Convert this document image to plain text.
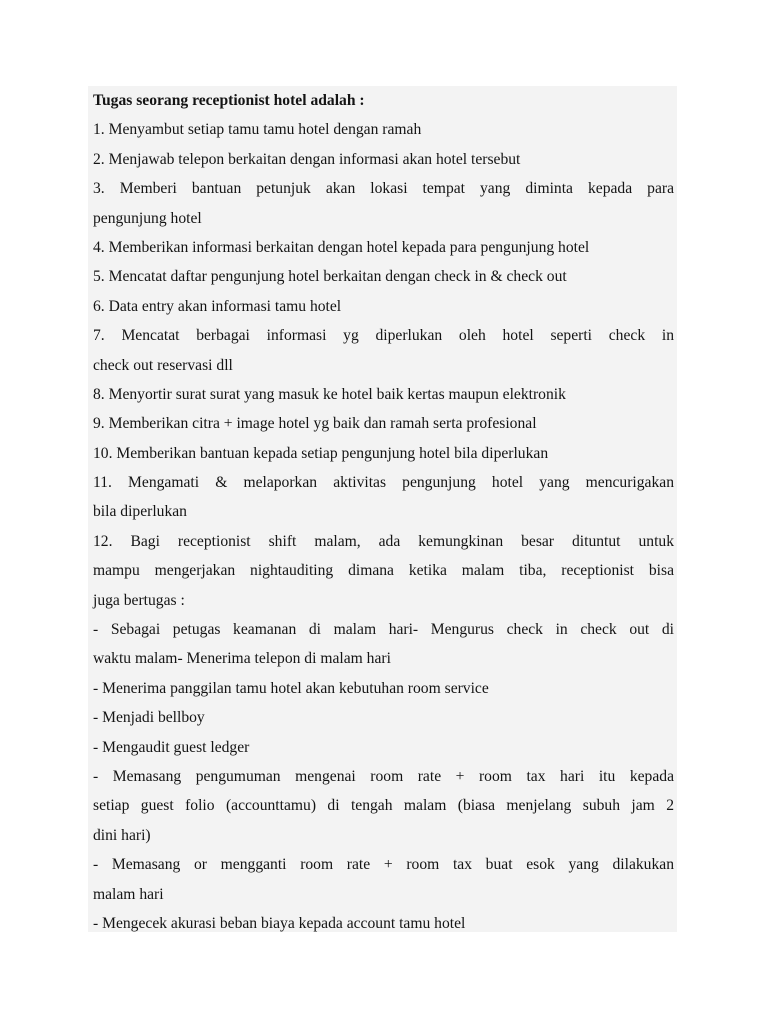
Tugas seorang receptionist hotel adalah :
1. Menyambut setiap tamu tamu hotel dengan ramah
2. Menjawab telepon berkaitan dengan informasi akan hotel tersebut
3. Memberi bantuan petunjuk akan lokasi tempat yang diminta kepada para
pengunjung hotel
4. Memberikan informasi berkaitan dengan hotel kepada para pengunjung hotel
5. Mencatat daftar pengunjung hotel berkaitan dengan check in & check out
6. Data entry akan informasi tamu hotel
7. Mencatat berbagai informasi yg diperlukan oleh hotel seperti check in
check out reservasi dll
8. Menyortir surat surat yang masuk ke hotel baik kertas maupun elektronik
9. Memberikan citra + image hotel yg baik dan ramah serta profesional
10. Memberikan bantuan kepada setiap pengunjung hotel bila diperlukan
11. Mengamati & melaporkan aktivitas pengunjung hotel yang mencurigakan
bila diperlukan
12. Bagi receptionist shift malam, ada kemungkinan besar dituntut untuk
mampu mengerjakan nightauditing dimana ketika malam tiba, receptionist bisa
juga bertugas :
- Sebagai petugas keamanan di malam hari- Mengurus check in check out di
waktu malam- Menerima telepon di malam hari
- Menerima panggilan tamu hotel akan kebutuhan room service
- Menjadi bellboy
- Mengaudit guest ledger
- Memasang pengumuman mengenai room rate + room tax hari itu kepada
setiap guest folio (accounttamu) di tengah malam (biasa menjelang subuh jam 2
dini hari)
- Memasang or mengganti room rate + room tax buat esok yang dilakukan
malam hari
- Mengecek akurasi beban biaya kepada account tamu hotel
